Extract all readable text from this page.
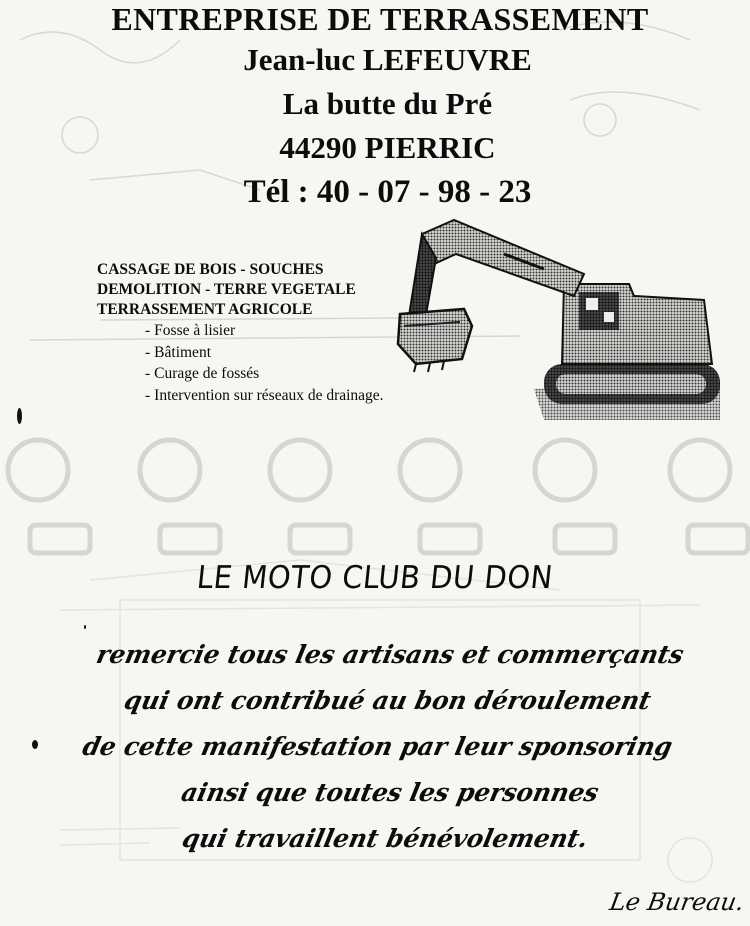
ENTREPRISE DE TERRASSEMENT
Jean-luc LEFEUVRE
La butte du Pré
44290 PIERRIC
Tél : 40 - 07 - 98 - 23
CASSAGE DE BOIS - SOUCHES
DEMOLITION - TERRE VEGETALE
TERRASSEMENT AGRICOLE
- Fosse à lisier
- Bâtiment
- Curage de fossés
- Intervention sur réseaux de drainage.
LE MOTO CLUB DU DON
remercie tous les artisans et commerçants
qui ont contribué au bon déroulement
de cette manifestation par leur sponsoring
ainsi que toutes les personnes
qui travaillent bénévolement.
Le Bureau.
